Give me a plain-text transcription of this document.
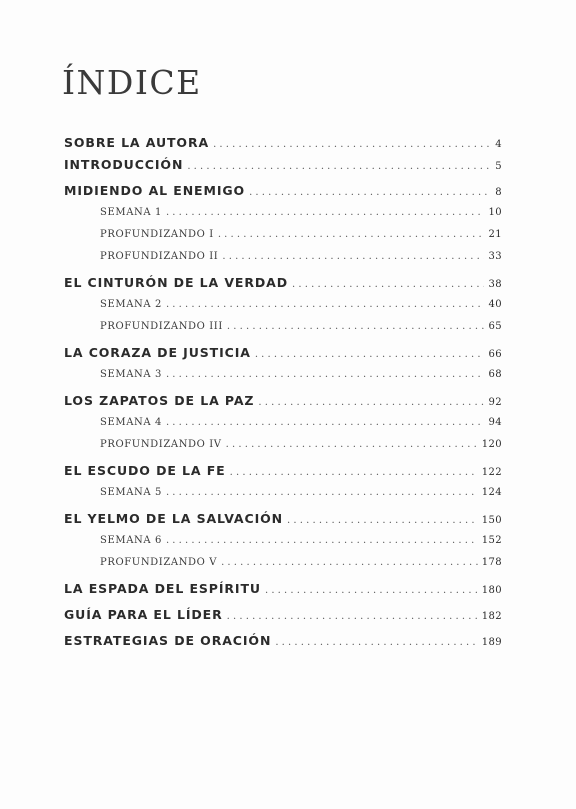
ÍNDICE
SOBRE LA AUTORA . . .	4
INTRODUCCIÓN . . .	5
MIDIENDO AL ENEMIGO . . .	8
SEMANA 1 . . .	10
PROFUNDIZANDO I . . .	21
PROFUNDIZANDO II . . .	33
EL CINTURÓN DE LA VERDAD . . .	38
SEMANA 2 . . .	40
PROFUNDIZANDO III . . .	65
LA CORAZA DE JUSTICIA . . .	66
SEMANA 3 . . .	68
LOS ZAPATOS DE LA PAZ . . .	92
SEMANA 4 . . .	94
PROFUNDIZANDO IV . . .	120
EL ESCUDO DE LA FE . . .	122
SEMANA 5 . . .	124
EL YELMO DE LA SALVACIÓN . . .	150
SEMANA 6 . . .	152
PROFUNDIZANDO V . . .	178
LA ESPADA DEL ESPÍRITU . . .	180
GUÍA PARA EL LÍDER . . .	182
ESTRATEGIAS DE ORACIÓN . . .	189
